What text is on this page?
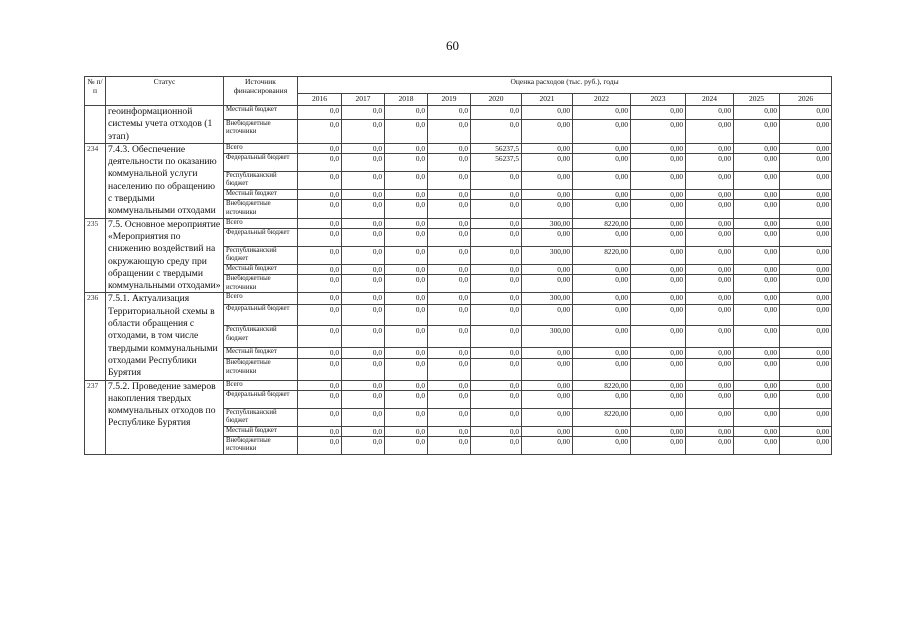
60
№ п/п	Статус	Источник финансирования	Оценка расходов (тыс. руб.), годы										
			2016	2017	2018	2019	2020	2021	2022	2023	2024	2025	2026
	геоинформационной системы учета отходов (1 этап)	Местный бюджет	0,0	0,0	0,0	0,0	0,0	0,00	0,00	0,00	0,00	0,00	0,00
		Внебюджетные источники	0,0	0,0	0,0	0,0	0,0	0,00	0,00	0,00	0,00	0,00	0,00
234	7.4.3. Обеспечение деятельности по оказанию коммунальной услуги населению по обращению с твердыми коммунальными отходами	Всего	0,0	0,0	0,0	0,0	56237,5	0,00	0,00	0,00	0,00	0,00	0,00
		Федеральный бюджет	0,0	0,0	0,0	0,0	56237,5	0,00	0,00	0,00	0,00	0,00	0,00
		Республиканский бюджет	0,0	0,0	0,0	0,0	0,0	0,00	0,00	0,00	0,00	0,00	0,00
		Местный бюджет	0,0	0,0	0,0	0,0	0,0	0,00	0,00	0,00	0,00	0,00	0,00
		Внебюджетные источники	0,0	0,0	0,0	0,0	0,0	0,00	0,00	0,00	0,00	0,00	0,00
235	7.5. Основное мероприятие «Мероприятия по снижению воздействий на окружающую среду при обращении с твердыми коммунальными отходами»	Всего	0,0	0,0	0,0	0,0	0,0	300,00	8220,00	0,00	0,00	0,00	0,00
		Федеральный бюджет	0,0	0,0	0,0	0,0	0,0	0,00	0,00	0,00	0,00	0,00	0,00
		Республиканский бюджет	0,0	0,0	0,0	0,0	0,0	300,00	8220,00	0,00	0,00	0,00	0,00
		Местный бюджет	0,0	0,0	0,0	0,0	0,0	0,00	0,00	0,00	0,00	0,00	0,00
		Внебюджетные источники	0,0	0,0	0,0	0,0	0,0	0,00	0,00	0,00	0,00	0,00	0,00
236	7.5.1. Актуализация Территориальной схемы в области обращения с отходами, в том числе твердыми коммунальными отходами Республики Бурятия	Всего	0,0	0,0	0,0	0,0	0,0	300,00	0,00	0,00	0,00	0,00	0,00
		Федеральный бюджет	0,0	0,0	0,0	0,0	0,0	0,00	0,00	0,00	0,00	0,00	0,00
		Республиканский бюджет	0,0	0,0	0,0	0,0	0,0	300,00	0,00	0,00	0,00	0,00	0,00
		Местный бюджет	0,0	0,0	0,0	0,0	0,0	0,00	0,00	0,00	0,00	0,00	0,00
		Внебюджетные источники	0,0	0,0	0,0	0,0	0,0	0,00	0,00	0,00	0,00	0,00	0,00
237	7.5.2. Проведение замеров накопления твердых коммунальных отходов по Республике Бурятия	Всего	0,0	0,0	0,0	0,0	0,0	0,00	8220,00	0,00	0,00	0,00	0,00
		Федеральный бюджет	0,0	0,0	0,0	0,0	0,0	0,00	0,00	0,00	0,00	0,00	0,00
		Республиканский бюджет	0,0	0,0	0,0	0,0	0,0	0,00	8220,00	0,00	0,00	0,00	0,00
		Местный бюджет	0,0	0,0	0,0	0,0	0,0	0,00	0,00	0,00	0,00	0,00	0,00
		Внебюджетные источники	0,0	0,0	0,0	0,0	0,0	0,00	0,00	0,00	0,00	0,00	0,00
